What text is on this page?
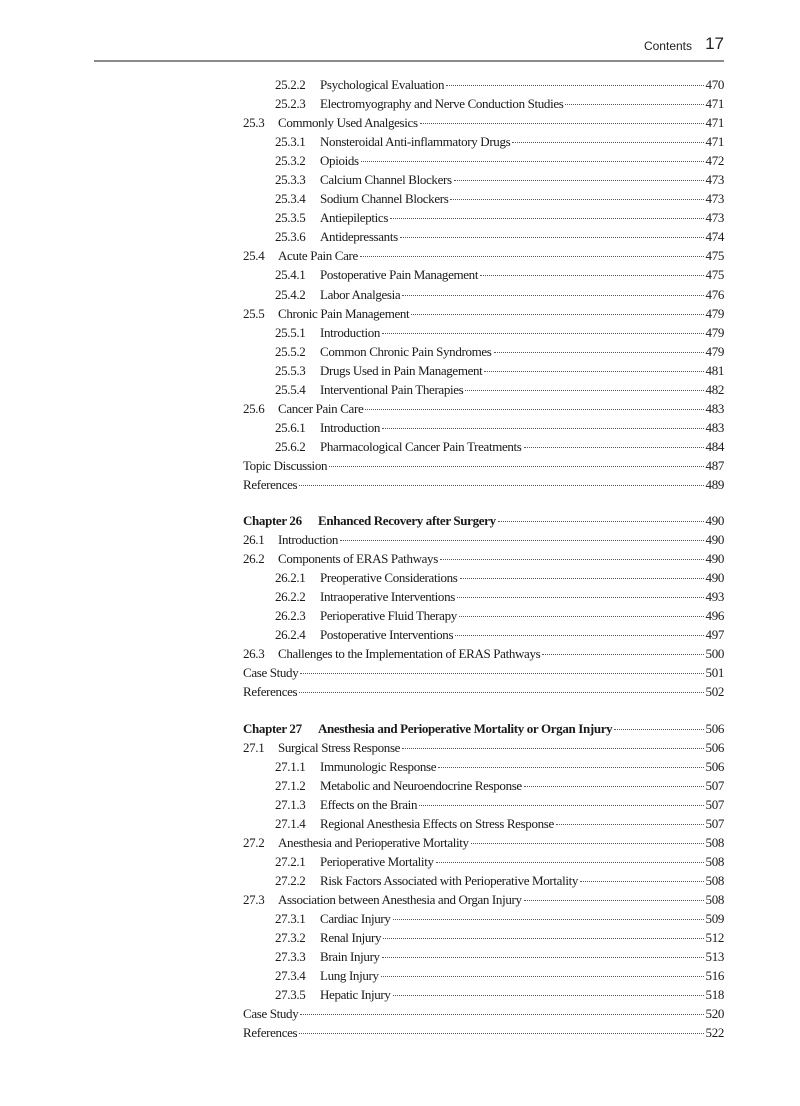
Contents 17
25.2.2	Psychological Evaluation	470
25.2.3	Electromyography and Nerve Conduction Studies	471
25.3	Commonly Used Analgesics	471
25.3.1	Nonsteroidal Anti-inflammatory Drugs	471
25.3.2	Opioids	472
25.3.3	Calcium Channel Blockers	473
25.3.4	Sodium Channel Blockers	473
25.3.5	Antiepileptics	473
25.3.6	Antidepressants	474
25.4	Acute Pain Care	475
25.4.1	Postoperative Pain Management	475
25.4.2	Labor Analgesia	476
25.5	Chronic Pain Management	479
25.5.1	Introduction	479
25.5.2	Common Chronic Pain Syndromes	479
25.5.3	Drugs Used in Pain Management	481
25.5.4	Interventional Pain Therapies	482
25.6	Cancer Pain Care	483
25.6.1	Introduction	483
25.6.2	Pharmacological Cancer Pain Treatments	484
Topic Discussion	487
References	489
Chapter 26	Enhanced Recovery after Surgery	490
26.1	Introduction	490
26.2	Components of ERAS Pathways	490
26.2.1	Preoperative Considerations	490
26.2.2	Intraoperative Interventions	493
26.2.3	Perioperative Fluid Therapy	496
26.2.4	Postoperative Interventions	497
26.3	Challenges to the Implementation of ERAS Pathways	500
Case Study	501
References	502
Chapter 27	Anesthesia and Perioperative Mortality or Organ Injury	506
27.1	Surgical Stress Response	506
27.1.1	Immunologic Response	506
27.1.2	Metabolic and Neuroendocrine Response	507
27.1.3	Effects on the Brain	507
27.1.4	Regional Anesthesia Effects on Stress Response	507
27.2	Anesthesia and Perioperative Mortality	508
27.2.1	Perioperative Mortality	508
27.2.2	Risk Factors Associated with Perioperative Mortality	508
27.3	Association between Anesthesia and Organ Injury	508
27.3.1	Cardiac Injury	509
27.3.2	Renal Injury	512
27.3.3	Brain Injury	513
27.3.4	Lung Injury	516
27.3.5	Hepatic Injury	518
Case Study	520
References	522
